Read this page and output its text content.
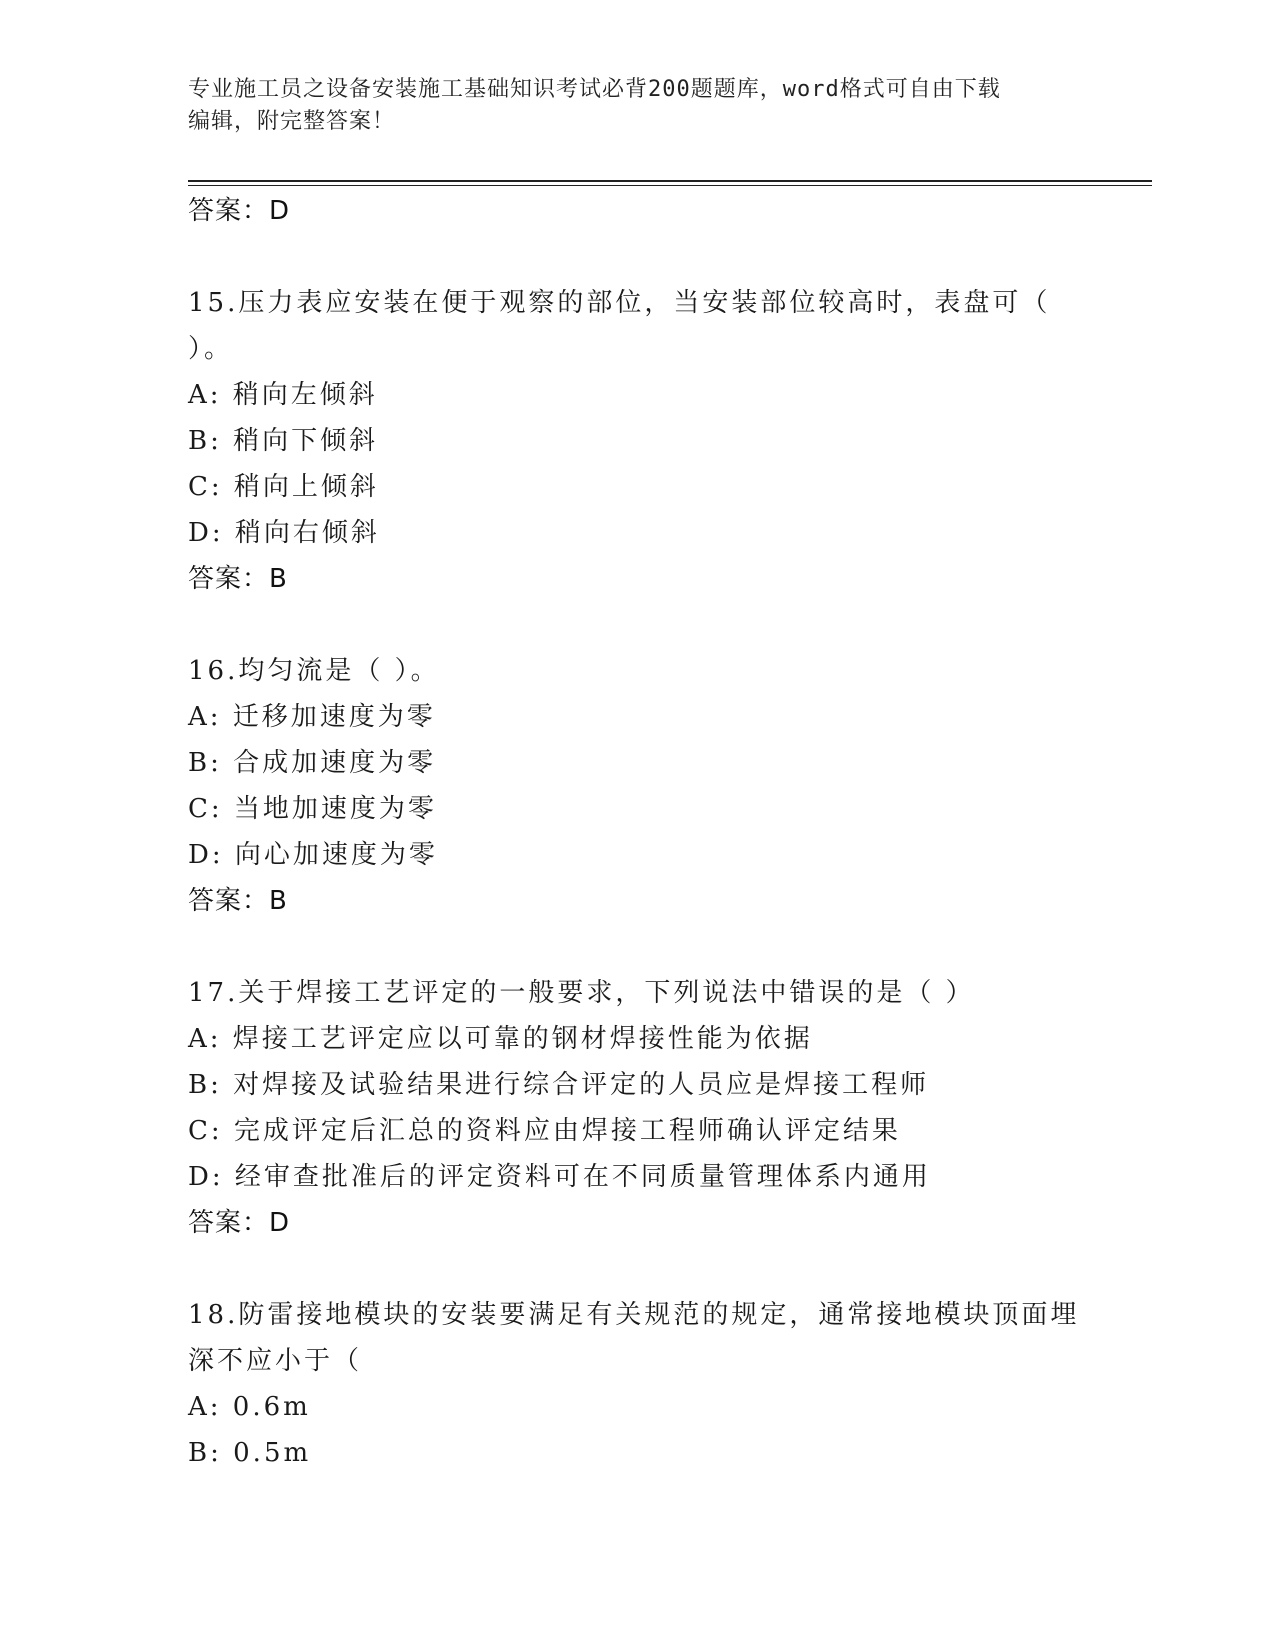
专业施工员之设备安装施工基础知识考试必背200题题库，word格式可自由下载
编辑，附完整答案！
答案：D
15.压力表应安装在便于观察的部位，当安装部位较高时，表盘可（
）。
A: 稍向左倾斜
B: 稍向下倾斜
C: 稍向上倾斜
D: 稍向右倾斜
答案：B
16.均匀流是（ ）。
A: 迁移加速度为零
B: 合成加速度为零
C: 当地加速度为零
D: 向心加速度为零
答案：B
17.关于焊接工艺评定的一般要求，下列说法中错误的是（ ）
A: 焊接工艺评定应以可靠的钢材焊接性能为依据
B: 对焊接及试验结果进行综合评定的人员应是焊接工程师
C: 完成评定后汇总的资料应由焊接工程师确认评定结果
D: 经审查批准后的评定资料可在不同质量管理体系内通用
答案：D
18.防雷接地模块的安装要满足有关规范的规定，通常接地模块顶面埋
深不应小于（
A: 0.6m
B: 0.5m
